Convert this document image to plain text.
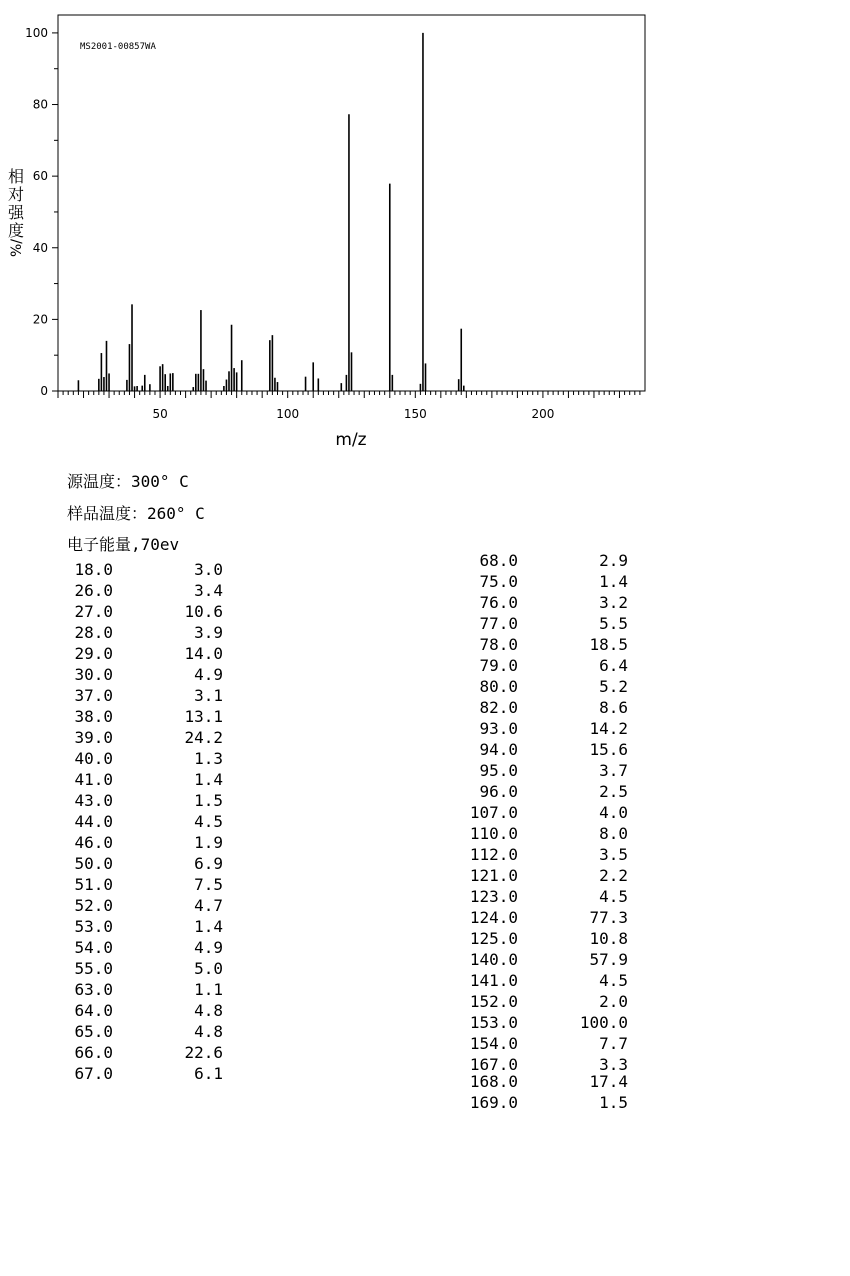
MS2001-00857WA
0
20
40
60
80
100
50	100	150	200
m/z
相
对
强
度
%/
源温度：300° C
样品温度：260° C
电子能量,70ev
18.0	3.0
26.0	3.4
27.0	10.6
28.0	3.9
29.0	14.0
30.0	4.9
37.0	3.1
38.0	13.1
39.0	24.2
40.0	1.3
41.0	1.4
43.0	1.5
44.0	4.5
46.0	1.9
50.0	6.9
51.0	7.5
52.0	4.7
53.0	1.4
54.0	4.9
55.0	5.0
63.0	1.1
64.0	4.8
65.0	4.8
66.0	22.6
67.0	6.1
68.0	2.9
75.0	1.4
76.0	3.2
77.0	5.5
78.0	18.5
79.0	6.4
80.0	5.2
82.0	8.6
93.0	14.2
94.0	15.6
95.0	3.7
96.0	2.5
107.0	4.0
110.0	8.0
112.0	3.5
121.0	2.2
123.0	4.5
124.0	77.3
125.0	10.8
140.0	57.9
141.0	4.5
152.0	2.0
153.0	100.0
154.0	7.7
167.0	3.3
168.0	17.4
169.0	1.5
